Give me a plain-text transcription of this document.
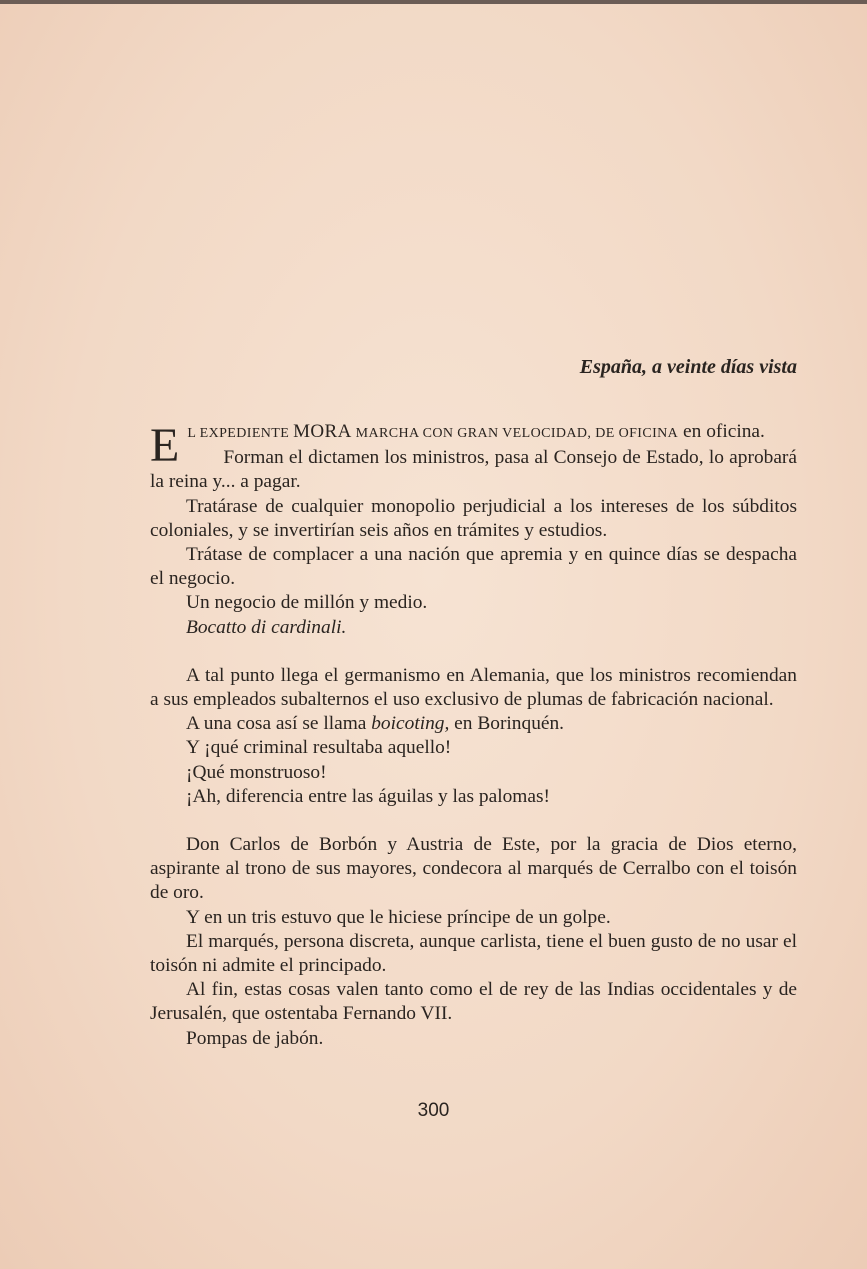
España, a veinte días vista

EL EXPEDIENTE MORA MARCHA CON GRAN VELOCIDAD, DE OFICINA en oficina.

Forman el dictamen los ministros, pasa al Consejo de Estado, lo aprobará la reina y... a pagar.

Tratárase de cualquier monopolio perjudicial a los intereses de los súbditos coloniales, y se invertirían seis años en trámites y estudios.

Trátase de complacer a una nación que apremia y en quince días se despacha el negocio.

Un negocio de millón y medio.

Bocatto di cardinali.

A tal punto llega el germanismo en Alemania, que los ministros recomiendan a sus empleados subalternos el uso exclusivo de plumas de fabricación nacional.

A una cosa así se llama boicoting, en Borinquén.

Y ¡qué criminal resultaba aquello!

¡Qué monstruoso!

¡Ah, diferencia entre las águilas y las palomas!

Don Carlos de Borbón y Austria de Este, por la gracia de Dios eterno, aspirante al trono de sus mayores, condecora al marqués de Cerralbo con el toisón de oro.

Y en un tris estuvo que le hiciese príncipe de un golpe.

El marqués, persona discreta, aunque carlista, tiene el buen gusto de no usar el toisón ni admite el principado.

Al fin, estas cosas valen tanto como el de rey de las Indias occidentales y de Jerusalén, que ostentaba Fernando VII.

Pompas de jabón.

300
